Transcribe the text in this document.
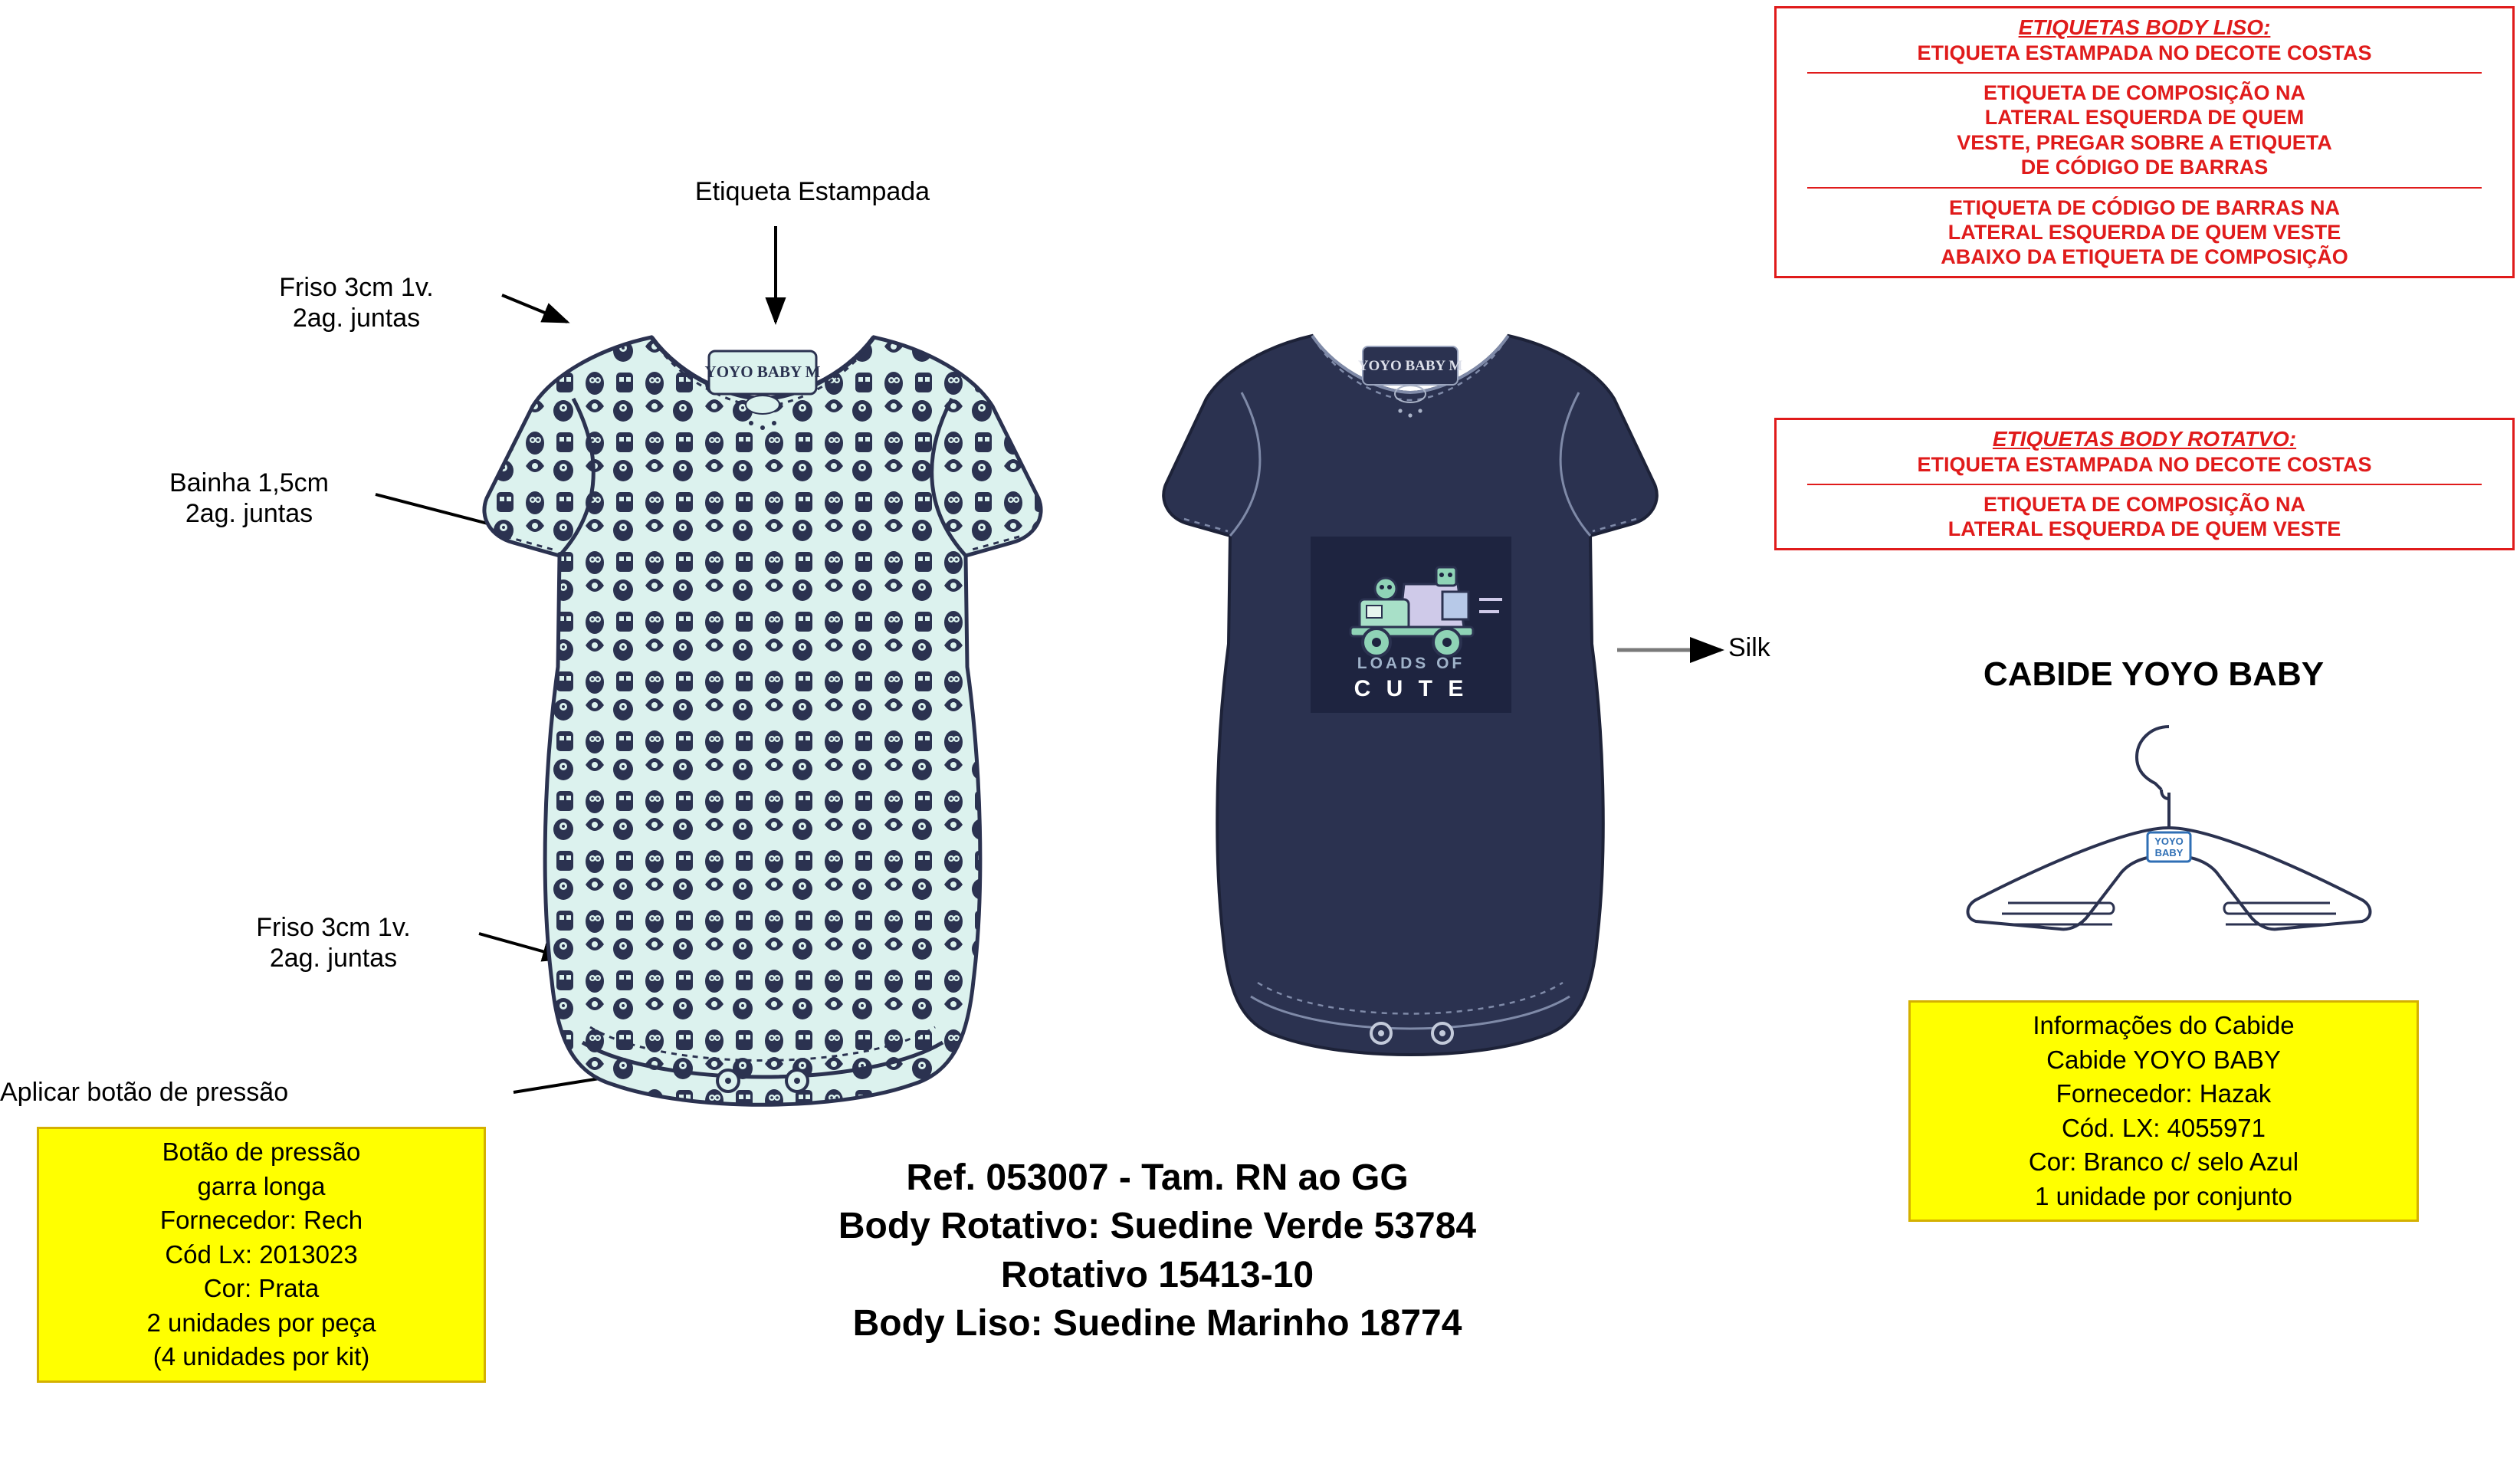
Etiqueta Estampada
Friso 3cm 1v.
2ag. juntas
Bainha 1,5cm
2ag. juntas
Friso 3cm 1v.
2ag. juntas
Aplicar botão de pressão
Silk
YOYO BABY M	YOYO BABY M
LOADS OF
C U T E
ETIQUETAS BODY LISO:
ETIQUETA ESTAMPADA NO DECOTE COSTAS
ETIQUETA DE COMPOSIÇÃO NA
LATERAL ESQUERDA DE QUEM
VESTE, PREGAR SOBRE A ETIQUETA
DE CÓDIGO DE BARRAS
ETIQUETA DE CÓDIGO DE BARRAS NA
LATERAL ESQUERDA DE QUEM VESTE
ABAIXO DA ETIQUETA DE COMPOSIÇÃO
ETIQUETAS BODY ROTATVO:
ETIQUETA ESTAMPADA NO DECOTE COSTAS
ETIQUETA DE COMPOSIÇÃO NA
LATERAL ESQUERDA DE QUEM VESTE
CABIDE YOYO BABY
YOYO
BABY
Informações do Cabide
Cabide YOYO BABY
Fornecedor: Hazak
Cód. LX: 4055971
Cor: Branco c/ selo Azul
1 unidade por conjunto
Botão de pressão
garra longa
Fornecedor: Rech
Cód Lx: 2013023
Cor: Prata
2 unidades por peça
(4 unidades por kit)
Ref. 053007 - Tam. RN ao GG
Body Rotativo: Suedine Verde 53784
Rotativo 15413-10
Body Liso: Suedine Marinho 18774
